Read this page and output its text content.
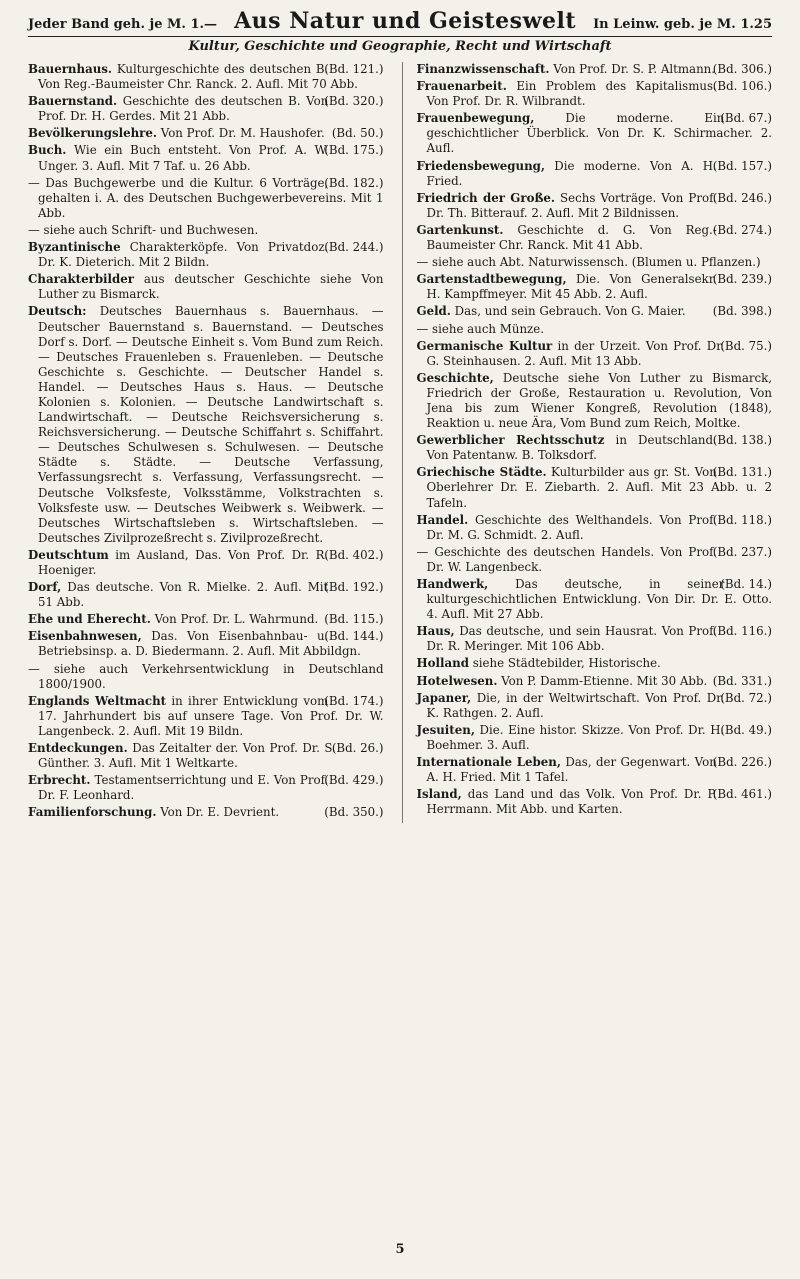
Jeder Band geh. je M. 1.— Aus Natur und Geisteswelt In Leinw. geb. je M. 1.25
Kultur, Geschichte und Geographie, Recht und Wirtschaft
(Bd. 121.)
Bauernhaus. Kulturgeschichte des deutschen B. Von Reg.-Baumeister Chr. Ranck. 2. Aufl. Mit 70 Abb.
(Bd. 320.)
Bauernstand. Geschichte des deutschen B. Von Prof. Dr. H. Gerdes. Mit 21 Abb.
(Bd. 50.)
Bevölkerungslehre. Von Prof. Dr. M. Haushofer.
(Bd. 175.)
Buch. Wie ein Buch entsteht. Von Prof. A. W. Unger. 3. Aufl. Mit 7 Taf. u. 26 Abb.
(Bd. 182.)
— Das Buchgewerbe und die Kultur. 6 Vorträge, gehalten i. A. des Deutschen Buchgewerbevereins. Mit 1 Abb.
— siehe auch Schrift- und Buchwesen.
(Bd. 244.)
Byzantinische Charakterköpfe. Von Privatdoz. Dr. K. Dieterich. Mit 2 Bildn.
Charakterbilder aus deutscher Geschichte siehe Von Luther zu Bismarck.
Deutsch: Deutsches Bauernhaus s. Bauernhaus. — Deutscher Bauernstand s. Bauernstand. — Deutsches Dorf s. Dorf. — Deutsche Einheit s. Vom Bund zum Reich. — Deutsches Frauenleben s. Frauenleben. — Deutsche Geschichte s. Geschichte. — Deutscher Handel s. Handel. — Deutsches Haus s. Haus. — Deutsche Kolonien s. Kolonien. — Deutsche Landwirtschaft s. Landwirtschaft. — Deutsche Reichsversicherung s. Reichsversicherung. — Deutsche Schiffahrt s. Schiffahrt. — Deutsches Schulwesen s. Schulwesen. — Deutsche Städte s. Städte. — Deutsche Verfassung, Verfassungsrecht s. Verfassung, Verfassungsrecht. — Deutsche Volksfeste, Volksstämme, Volkstrachten s. Volksfeste usw. — Deutsches Weibwerk s. Weibwerk. — Deutsches Wirtschaftsleben s. Wirtschaftsleben. — Deutsches Zivilprozeßrecht s. Zivilprozeßrecht.
(Bd. 402.)
Deutschtum im Ausland, Das. Von Prof. Dr. R. Hoeniger.
(Bd. 192.)
Dorf, Das deutsche. Von R. Mielke. 2. Aufl. Mit 51 Abb.
(Bd. 115.)
Ehe und Eherecht. Von Prof. Dr. L. Wahrmund.
(Bd. 144.)
Eisenbahnwesen, Das. Von Eisenbahnbau- u. Betriebsinsp. a. D. Biedermann. 2. Aufl. Mit Abbildgn.
— siehe auch Verkehrsentwicklung in Deutschland 1800/1900.
(Bd. 174.)
Englands Weltmacht in ihrer Entwicklung vom 17. Jahrhundert bis auf unsere Tage. Von Prof. Dr. W. Langenbeck. 2. Aufl. Mit 19 Bildn.
(Bd. 26.)
Entdeckungen. Das Zeitalter der. Von Prof. Dr. S. Günther. 3. Aufl. Mit 1 Weltkarte.
(Bd. 429.)
Erbrecht. Testamentserrichtung und E. Von Prof. Dr. F. Leonhard.
(Bd. 350.)
Familienforschung. Von Dr. E. Devrient.
(Bd. 306.)
Finanzwissenschaft. Von Prof. Dr. S. P. Altmann.
(Bd. 106.)
Frauenarbeit. Ein Problem des Kapitalismus. Von Prof. Dr. R. Wilbrandt.
(Bd. 67.)
Frauenbewegung,	Die moderne. Ein geschichtlicher Überblick. Von Dr. K. Schirmacher. 2. Aufl.
(Bd. 157.)
Friedensbewegung, Die moderne. Von A. H. Fried.
(Bd. 246.)
Friedrich der Große. Sechs Vorträge. Von Prof. Dr. Th. Bitterauf. 2. Aufl. Mit 2 Bildnissen.
(Bd. 274.)
Gartenkunst. Geschichte d. G. Von Reg.-Baumeister Chr. Ranck. Mit 41 Abb.
— siehe auch Abt. Naturwissensch. (Blumen u. Pflanzen.)
(Bd. 239.)
Gartenstadtbewegung, Die. Von Generalsekr. H. Kampffmeyer. Mit 45 Abb. 2. Aufl.
(Bd. 398.)
Geld. Das, und sein Gebrauch. Von G. Maier.
— siehe auch Münze.
(Bd. 75.)
Germanische Kultur in der Urzeit. Von Prof. Dr. G. Steinhausen. 2. Aufl. Mit 13 Abb.
Geschichte, Deutsche siehe Von Luther zu Bismarck, Friedrich der Große, Restauration u. Revolution, Von Jena bis zum Wiener Kongreß, Revolution (1848), Reaktion u. neue Ära, Vom Bund zum Reich, Moltke.
(Bd. 138.)
Gewerblicher Rechtsschutz in Deutschland. Von Patentanw. B. Tolksdorf.
(Bd. 131.)
Griechische Städte. Kulturbilder aus gr. St. Von Oberlehrer Dr. E. Ziebarth. 2. Aufl. Mit 23 Abb. u. 2 Tafeln.
(Bd. 118.)
Handel. Geschichte des Welthandels. Von Prof. Dr. M. G. Schmidt. 2. Aufl.
(Bd. 237.)
— Geschichte des deutschen Handels. Von Prof. Dr. W. Langenbeck.
(Bd. 14.)
Handwerk, Das deutsche, in seiner kulturgeschichtlichen Entwicklung. Von Dir. Dr. E. Otto. 4. Aufl. Mit 27 Abb.
(Bd. 116.)
Haus, Das deutsche, und sein Hausrat. Von Prof. Dr. R. Meringer. Mit 106 Abb.
Holland siehe Städtebilder, Historische.
(Bd. 331.)
Hotelwesen. Von P. Damm-Etienne. Mit 30 Abb.
(Bd. 72.)
Japaner, Die, in der Weltwirtschaft. Von Prof. Dr. K. Rathgen. 2. Aufl.
(Bd. 49.)
Jesuiten, Die. Eine histor. Skizze. Von Prof. Dr. H. Boehmer. 3. Aufl.
(Bd. 226.)
Internationale Leben, Das, der Gegenwart. Von A. H. Fried. Mit 1 Tafel.
(Bd. 461.)
Island, das Land und das Volk. Von Prof. Dr. P. Herrmann. Mit Abb. und Karten.
5
